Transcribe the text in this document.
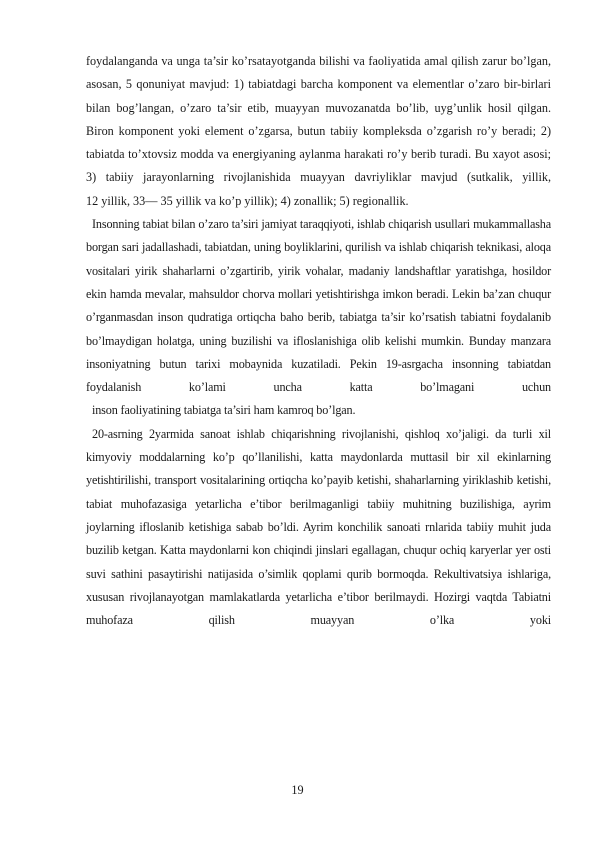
foydalanganda va unga ta’sir ko’rsatayotganda bilishi va faoliyatida amal qilish zarur bo’lgan, asosan, 5 qonuniyat mavjud: 1) tabiatdagi barcha komponent va elementlar o’zaro bir-birlari bilan bog’langan, o’zaro ta’sir etib, muayyan muvozanatda bo’lib, uyg’unlik hosil qilgan. Biron komponent yoki element o’zgarsa, butun tabiiy kompleksda o’zgarish ro’y beradi; 2) tabiatda to’xtovsiz modda va energiyaning aylanma harakati ro’y berib turadi. Bu xayot asosi; 3) tabiiy jarayonlarning rivojlanishida muayyan davriyliklar mavjud (sutkalik, yillik,
12 yillik, 33— 35 yillik va ko’p yillik); 4) zonallik; 5) regionallik.

Insonning tabiat bilan o’zaro ta’siri jamiyat taraqqiyoti, ishlab chiqarish usullari mukammallasha borgan sari jadallashadi, tabiatdan, uning boyliklarini, qurilish va ishlab chiqarish teknikasi, aloqa vositalari yirik shaharlarni o’zgartirib, yirik vohalar, madaniy landshaftlar yaratishga, hosildor ekin hamda mevalar, mahsuldor chorva mollari yetishtirishga imkon beradi. Lekin ba’zan chuqur o’rganmasdan inson qudratiga ortiqcha baho berib, tabiatga ta’sir ko’rsatish tabiatni foydalanib bo’lmaydigan holatga, uning buzilishi va ifloslanishiga olib kelishi mumkin. Bunday manzara insoniyatning butun tarixi mobaynida kuzatiladi. Pekin 19-asrgacha insonning tabiatdan foydalanish ko’lami uncha katta bo’lmagani uchun
inson faoliyatining tabiatga ta’siri ham kamroq bo’lgan.

20-asrning 2yarmida sanoat ishlab chiqarishning rivojlanishi, qishloq xo’jaligi. da turli xil kimyoviy moddalarning ko’p qo’llanilishi, katta maydonlarda muttasil bir xil ekinlarning yetishtirilishi, transport vositalarining ortiqcha ko’payib ketishi, shaharlarning yiriklashib ketishi, tabiat muhofazasiga yetarlicha e’tibor berilmaganligi tabiiy muhitning buzilishiga, ayrim joylarning ifloslanib ketishiga sabab bo’ldi. Ayrim konchilik sanoati rnlarida tabiiy muhit juda buzilib ketgan. Katta maydonlarni kon chiqindi jinslari egallagan, chuqur ochiq karyerlar yer osti suvi sathini pasaytirishi natijasida o’simlik qoplami qurib bormoqda. Rekultivatsiya ishlariga, xususan rivojlanayotgan mamlakatlarda yetarlicha e’tibor berilmaydi. Hozirgi vaqtda Tabiatni muhofaza qilish muayyan o’lka yoki

19
